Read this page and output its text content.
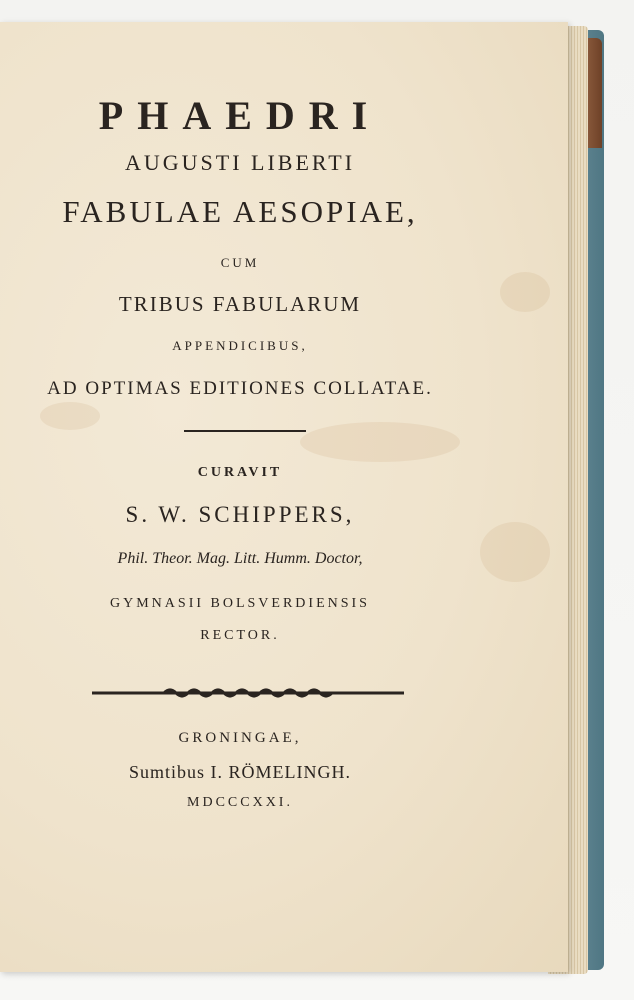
PHAEDRI
AUGUSTI LIBERTI
FABULAE AESOPIAE,
CUM
TRIBUS FABULARUM
APPENDICIBUS,
AD OPTIMAS EDITIONES COLLATAE.
CURAVIT
S. W. SCHIPPERS,
Phil. Theor. Mag. Litt. Humm. Doctor,
GYMNASII BOLSVERDIENSIS
RECTOR.
GRONINGAE,
Sumtibus I. RÖMELINGH.
MDCCCXXI.
